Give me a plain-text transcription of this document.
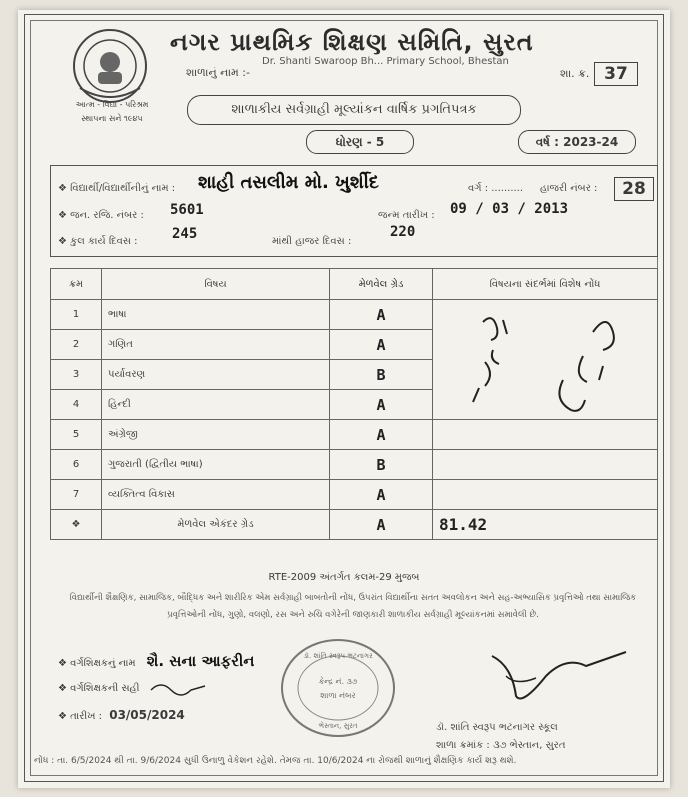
આત્મ - વિદ્યા - પરિશ્રમ
સ્થાપના સને ૧૯૪૫
નગર પ્રાથમિક શિક્ષણ સમિતિ, સુરત
Dr. Shanti Swaroop Bh... Primary School, Bhestan
શાળાનું નામ :-	શા. ક્ર. 37
શાળાકીય સર્વગ્રાહી મૂલ્યાંકન વાર્ષિક પ્રગતિપત્રક
ધોરણ - 5	વર્ષ : 2023-24
❖ વિદ્યાર્થી/વિદ્યાર્થીનીનું નામ : શાહી તસલીમ મો. ખુર્શીદ	વર્ગ : .......... હાજરી નંબર :	28
❖ જન. રજિ. નંબર : 5601	જન્મ તારીખ : 09 / 03 / 2013
❖ કુલ કાર્ય દિવસ : 245	માંથી હાજર દિવસ :
220
ક્રમ	વિષય	મેળવેલ ગ્રેડ	વિષયના સંદર્ભમાં વિશેષ નોંધ
1	ભાષા	A	

2	ગણિત	A	
3	પર્યાવરણ	B	
4	હિન્દી	A	
5	અંગ્રેજી	A	
6	ગુજરાતી (દ્વિતીય ભાષા)	B	
7	વ્યક્તિત્વ વિકાસ	A	
❖	મેળવેલ એકંદર ગ્રેડ	A	81.42
RTE-2009 અંતર્ગત કલમ-29 મુજબ
વિદ્યાર્થીની શૈક્ષણિક, સામાજિક, બૌદ્ધિક અને શારીરિક એમ સર્વગ્રાહી બાબતોની નોંધ, ઉપરાંત વિદ્યાર્થીના સતત અવલોકન અને સહ-અભ્યાસિક પ્રવૃત્તિઓ તથા સામાજિક પ્રવૃત્તિઓની નોંધ, ગુણો, વલણો, રસ અને રુચિ વગેરેની જાણકારી શાળાકીય સર્વગ્રાહી મૂલ્યાંકનમાં સમાવેલી છે.
❖ વર્ગશિક્ષકનું નામ શૈ. સના આફરીન
❖ વર્ગશિક્ષકની સહી
❖ તારીખ : 03/05/2024
ડૉ. શાંતિ સ્વરૂપ ભટનાગર
કેન્દ્ર નં. ૩૭
શાળા નંબર
ભેસ્તાન, સુરત	ડૉ. શાંતિ સ્વરૂપ ભટનાગર સ્કૂલ
શાળા ક્રમાંક : ૩૭ ભેસ્તાન, સુરત
નોંધ : તા. 6/5/2024 થી તા. 9/6/2024 સુધી ઉનાળુ વેકેશન રહેશે. તેમજ તા. 10/6/2024 ના રોજથી શાળાનું શૈક્ષણિક કાર્ય શરૂ થશે.
